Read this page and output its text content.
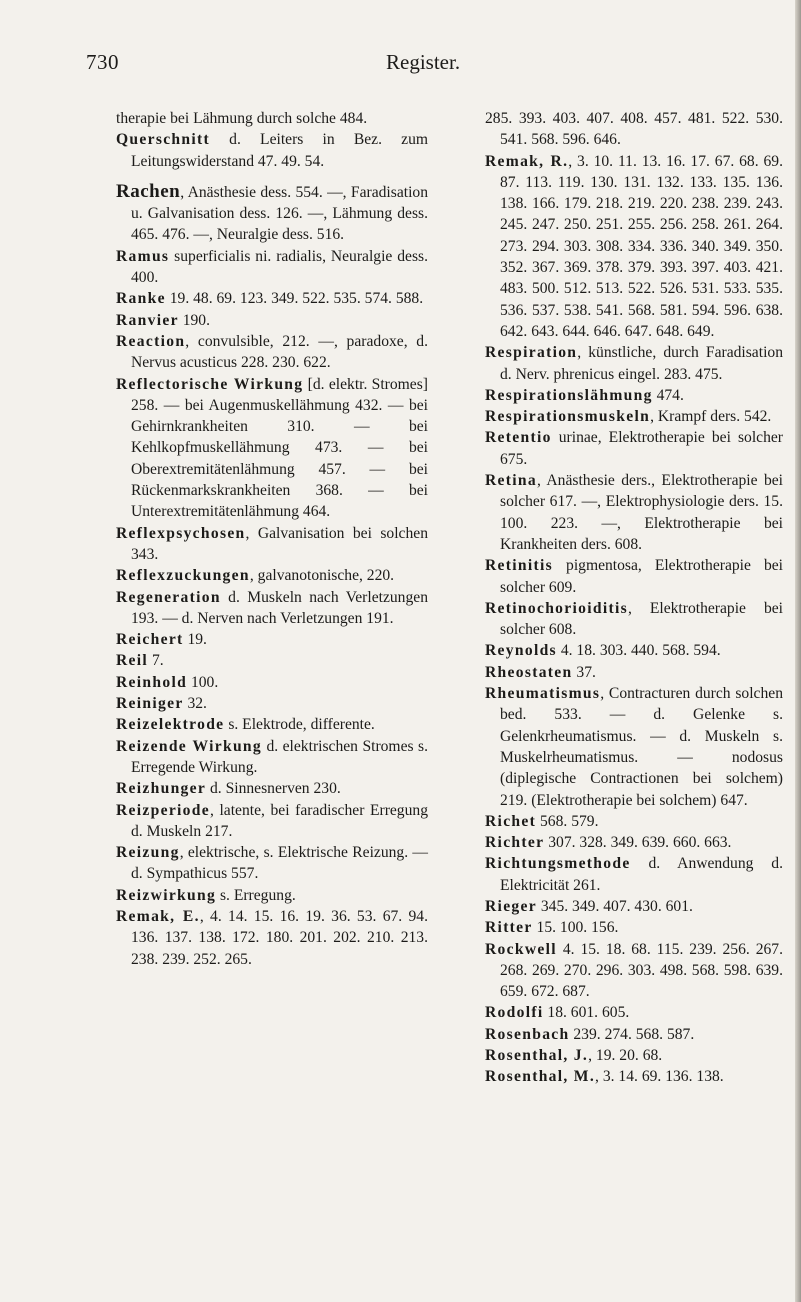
730	Register.
therapie bei Lähmung durch solche 484.
Querschnitt d. Leiters in Bez. zum Leitungswiderstand 47. 49. 54.
Rachen, Anästhesie dess. 554. —, Faradisation u. Galvanisation dess. 126. —, Lähmung dess. 465. 476. —, Neuralgie dess. 516.
Ramus superficialis ni. radialis, Neuralgie dess. 400.
Ranke 19. 48. 69. 123. 349. 522. 535. 574. 588.
Ranvier 190.
Reaction, convulsible, 212. —, paradoxe, d. Nervus acusticus 228. 230. 622.
Reflectorische Wirkung [d. elektr. Stromes] 258. — bei Augenmuskellähmung 432. — bei Gehirnkrankheiten 310. — bei Kehlkopfmuskellähmung 473. — bei Oberextremitätenlähmung 457. — bei Rückenmarkskrankheiten 368. — bei Unterextremitätenlähmung 464.
Reflexpsychosen, Galvanisation bei solchen 343.
Reflexzuckungen, galvanotonische, 220.
Regeneration d. Muskeln nach Verletzungen 193. — d. Nerven nach Verletzungen 191.
Reichert 19.
Reil 7.
Reinhold 100.
Reiniger 32.
Reizelektrode s. Elektrode, differente.
Reizende Wirkung d. elektrischen Stromes s. Erregende Wirkung.
Reizhunger d. Sinnesnerven 230.
Reizperiode, latente, bei faradischer Erregung d. Muskeln 217.
Reizung, elektrische, s. Elektrische Reizung. — d. Sympathicus 557.
Reizwirkung s. Erregung.
Remak, E., 4. 14. 15. 16. 19. 36. 53. 67. 94. 136. 137. 138. 172. 180. 201. 202. 210. 213. 238. 239. 252. 265.
285. 393. 403. 407. 408. 457. 481. 522. 530. 541. 568. 596. 646.
Remak, R., 3. 10. 11. 13. 16. 17. 67. 68. 69. 87. 113. 119. 130. 131. 132. 133. 135. 136. 138. 166. 179. 218. 219. 220. 238. 239. 243. 245. 247. 250. 251. 255. 256. 258. 261. 264. 273. 294. 303. 308. 334. 336. 340. 349. 350. 352. 367. 369. 378. 379. 393. 397. 403. 421. 483. 500. 512. 513. 522. 526. 531. 533. 535. 536. 537. 538. 541. 568. 581. 594. 596. 638. 642. 643. 644. 646. 647. 648. 649.
Respiration, künstliche, durch Faradisation d. Nerv. phrenicus eingel. 283. 475.
Respirationslähmung 474.
Respirationsmuskeln, Krampf ders. 542.
Retentio urinae, Elektrotherapie bei solcher 675.
Retina, Anästhesie ders., Elektrotherapie bei solcher 617. —, Elektrophysiologie ders. 15. 100. 223. —, Elektrotherapie bei Krankheiten ders. 608.
Retinitis pigmentosa, Elektrotherapie bei solcher 609.
Retinochorioiditis, Elektrotherapie bei solcher 608.
Reynolds 4. 18. 303. 440. 568. 594.
Rheostaten 37.
Rheumatismus, Contracturen durch solchen bed. 533. — d. Gelenke s. Gelenkrheumatismus. — d. Muskeln s. Muskelrheumatismus. — nodosus (diplegische Contractionen bei solchem) 219. (Elektrotherapie bei solchem) 647.
Richet 568. 579.
Richter 307. 328. 349. 639. 660. 663.
Richtungsmethode d. Anwendung d. Elektricität 261.
Rieger 345. 349. 407. 430. 601.
Ritter 15. 100. 156.
Rockwell 4. 15. 18. 68. 115. 239. 256. 267. 268. 269. 270. 296. 303. 498. 568. 598. 639. 659. 672. 687.
Rodolfi 18. 601. 605.
Rosenbach 239. 274. 568. 587.
Rosenthal, J., 19. 20. 68.
Rosenthal, M., 3. 14. 69. 136. 138.
